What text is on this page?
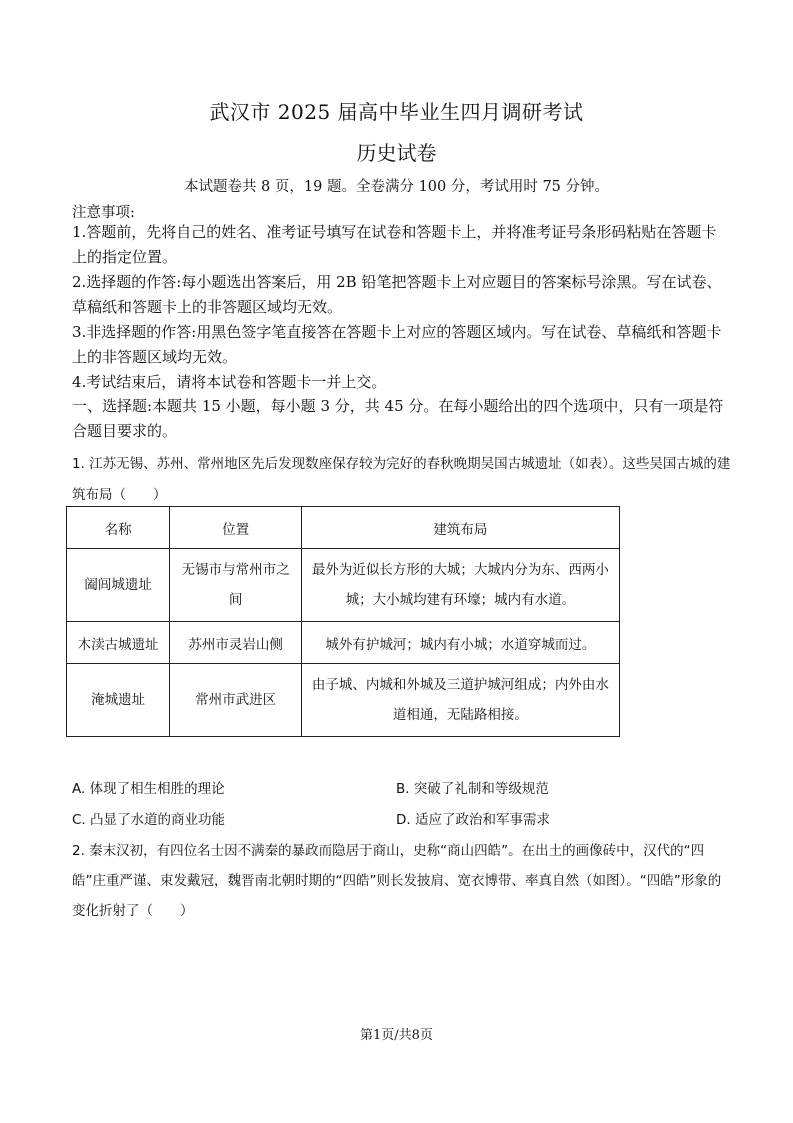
武汉市 2025 届高中毕业生四月调研考试
历史试卷
本试题卷共 8 页，19 题。全卷满分 100 分，考试用时 75 分钟。
注意事项:
1.答题前，先将自己的姓名、准考证号填写在试卷和答题卡上，并将准考证号条形码粘贴在答题卡上的指定位置。
2.选择题的作答:每小题选出答案后，用 2B 铅笔把答题卡上对应题目的答案标号涂黑。写在试卷、草稿纸和答题卡上的非答题区域均无效。
3.非选择题的作答:用黑色签字笔直接答在答题卡上对应的答题区域内。写在试卷、草稿纸和答题卡上的非答题区域均无效。
4.考试结束后，请将本试卷和答题卡一并上交。
一、选择题:本题共 15 小题，每小题 3 分，共 45 分。在每小题给出的四个选项中，只有一项是符合题目要求的。
1. 江苏无锡、苏州、常州地区先后发现数座保存较为完好的春秋晚期吴国古城遗址（如表）。这些吴国古城的建筑布局（　　）
名称	位置	建筑布局
阖闾城遗址	无锡市与常州市之间	最外为近似长方形的大城；大城内分为东、西两小城；大小城均建有环壕；城内有水道。
木渎古城遗址	苏州市灵岩山侧	城外有护城河；城内有小城；水道穿城而过。
淹城遗址	常州市武进区	由子城、内城和外城及三道护城河组成；内外由水道相通，无陆路相接。
A. 体现了相生相胜的理论	B. 突破了礼制和等级规范
C. 凸显了水道的商业功能	D. 适应了政治和军事需求
2. 秦末汉初，有四位名士因不满秦的暴政而隐居于商山，史称“商山四皓”。在出土的画像砖中，汉代的“四皓”庄重严谨、束发戴冠，魏晋南北朝时期的“四皓”则长发披肩、宽衣博带、率真自然（如图）。“四皓”形象的变化折射了（　　）
第1页/共8页
